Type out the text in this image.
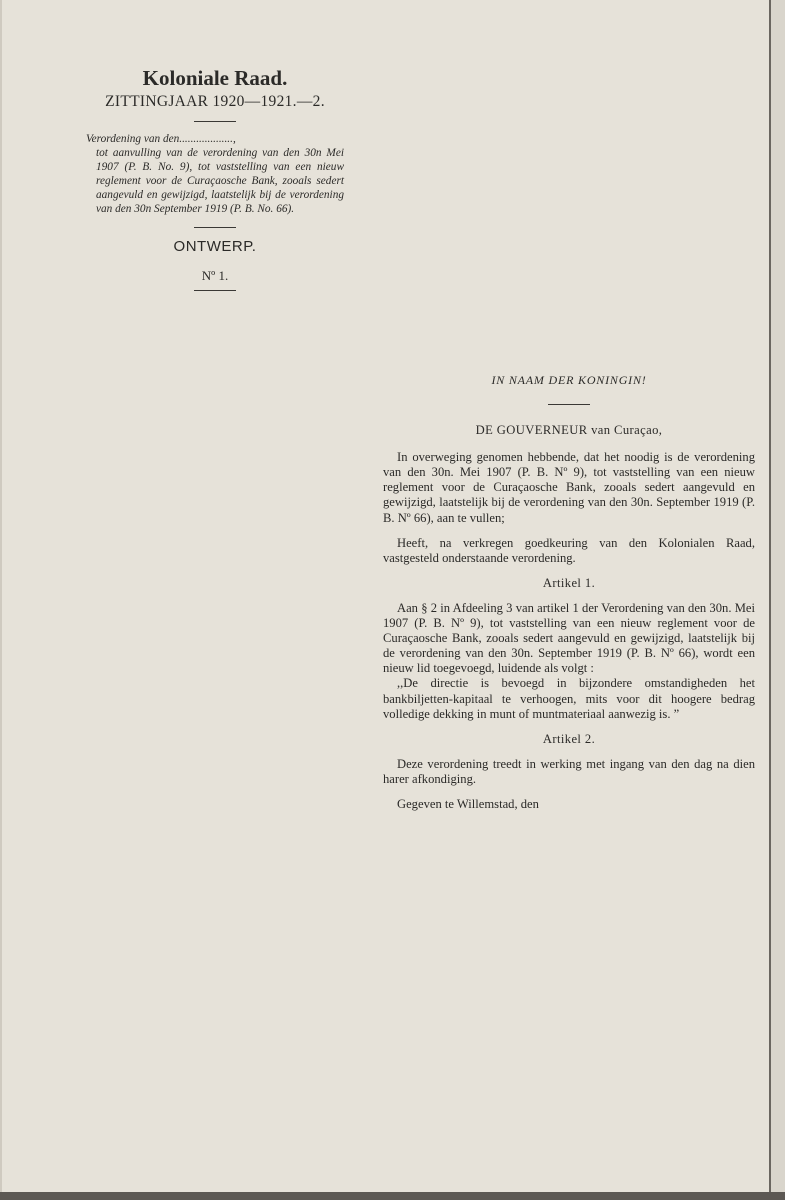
Koloniale Raad.

ZITTINGJAAR 1920—1921.—2.

Verordening van den...................,
tot aanvulling van de verordening van den 30n Mei 1907 (P. B. No. 9), tot vaststelling van een nieuw reglement voor de Curaçaosche Bank, zooals sedert aangevuld en gewijzigd, laatstelijk bij de verordening van den 30n September 1919 (P. B. No. 66).

ONTWERP.

Nº 1.

IN NAAM DER KONINGIN!
DE GOUVERNEUR van Curaçao,

In overweging genomen hebbende, dat het noodig is de verordening van den 30n. Mei 1907 (P. B. Nº 9), tot vaststelling van een nieuw reglement voor de Curaçaosche Bank, zooals sedert aangevuld en gewijzigd, laatstelijk bij de verordening van den 30n. September 1919 (P. B. Nº 66), aan te vullen;

Heeft, na verkregen goedkeuring van den Kolonialen Raad, vastgesteld onderstaande verordening.

Artikel 1.

Aan § 2 in Afdeeling 3 van artikel 1 der Verordening van den 30n. Mei 1907 (P. B. Nº 9), tot vaststelling van een nieuw reglement voor de Curaçaosche Bank, zooals sedert aangevuld en gewijzigd, laatstelijk bij de verordening van den 30n. September 1919 (P. B. Nº 66), wordt een nieuw lid toegevoegd, luidende als volgt :

,,De directie is bevoegd in bijzondere omstandigheden het bankbiljetten-kapitaal te verhoogen, mits voor dit hoogere bedrag volledige dekking in munt of muntmateriaal aanwezig is. ”

Artikel 2.

Deze verordening treedt in werking met ingang van den dag na dien harer afkondiging.

Gegeven te Willemstad, den
